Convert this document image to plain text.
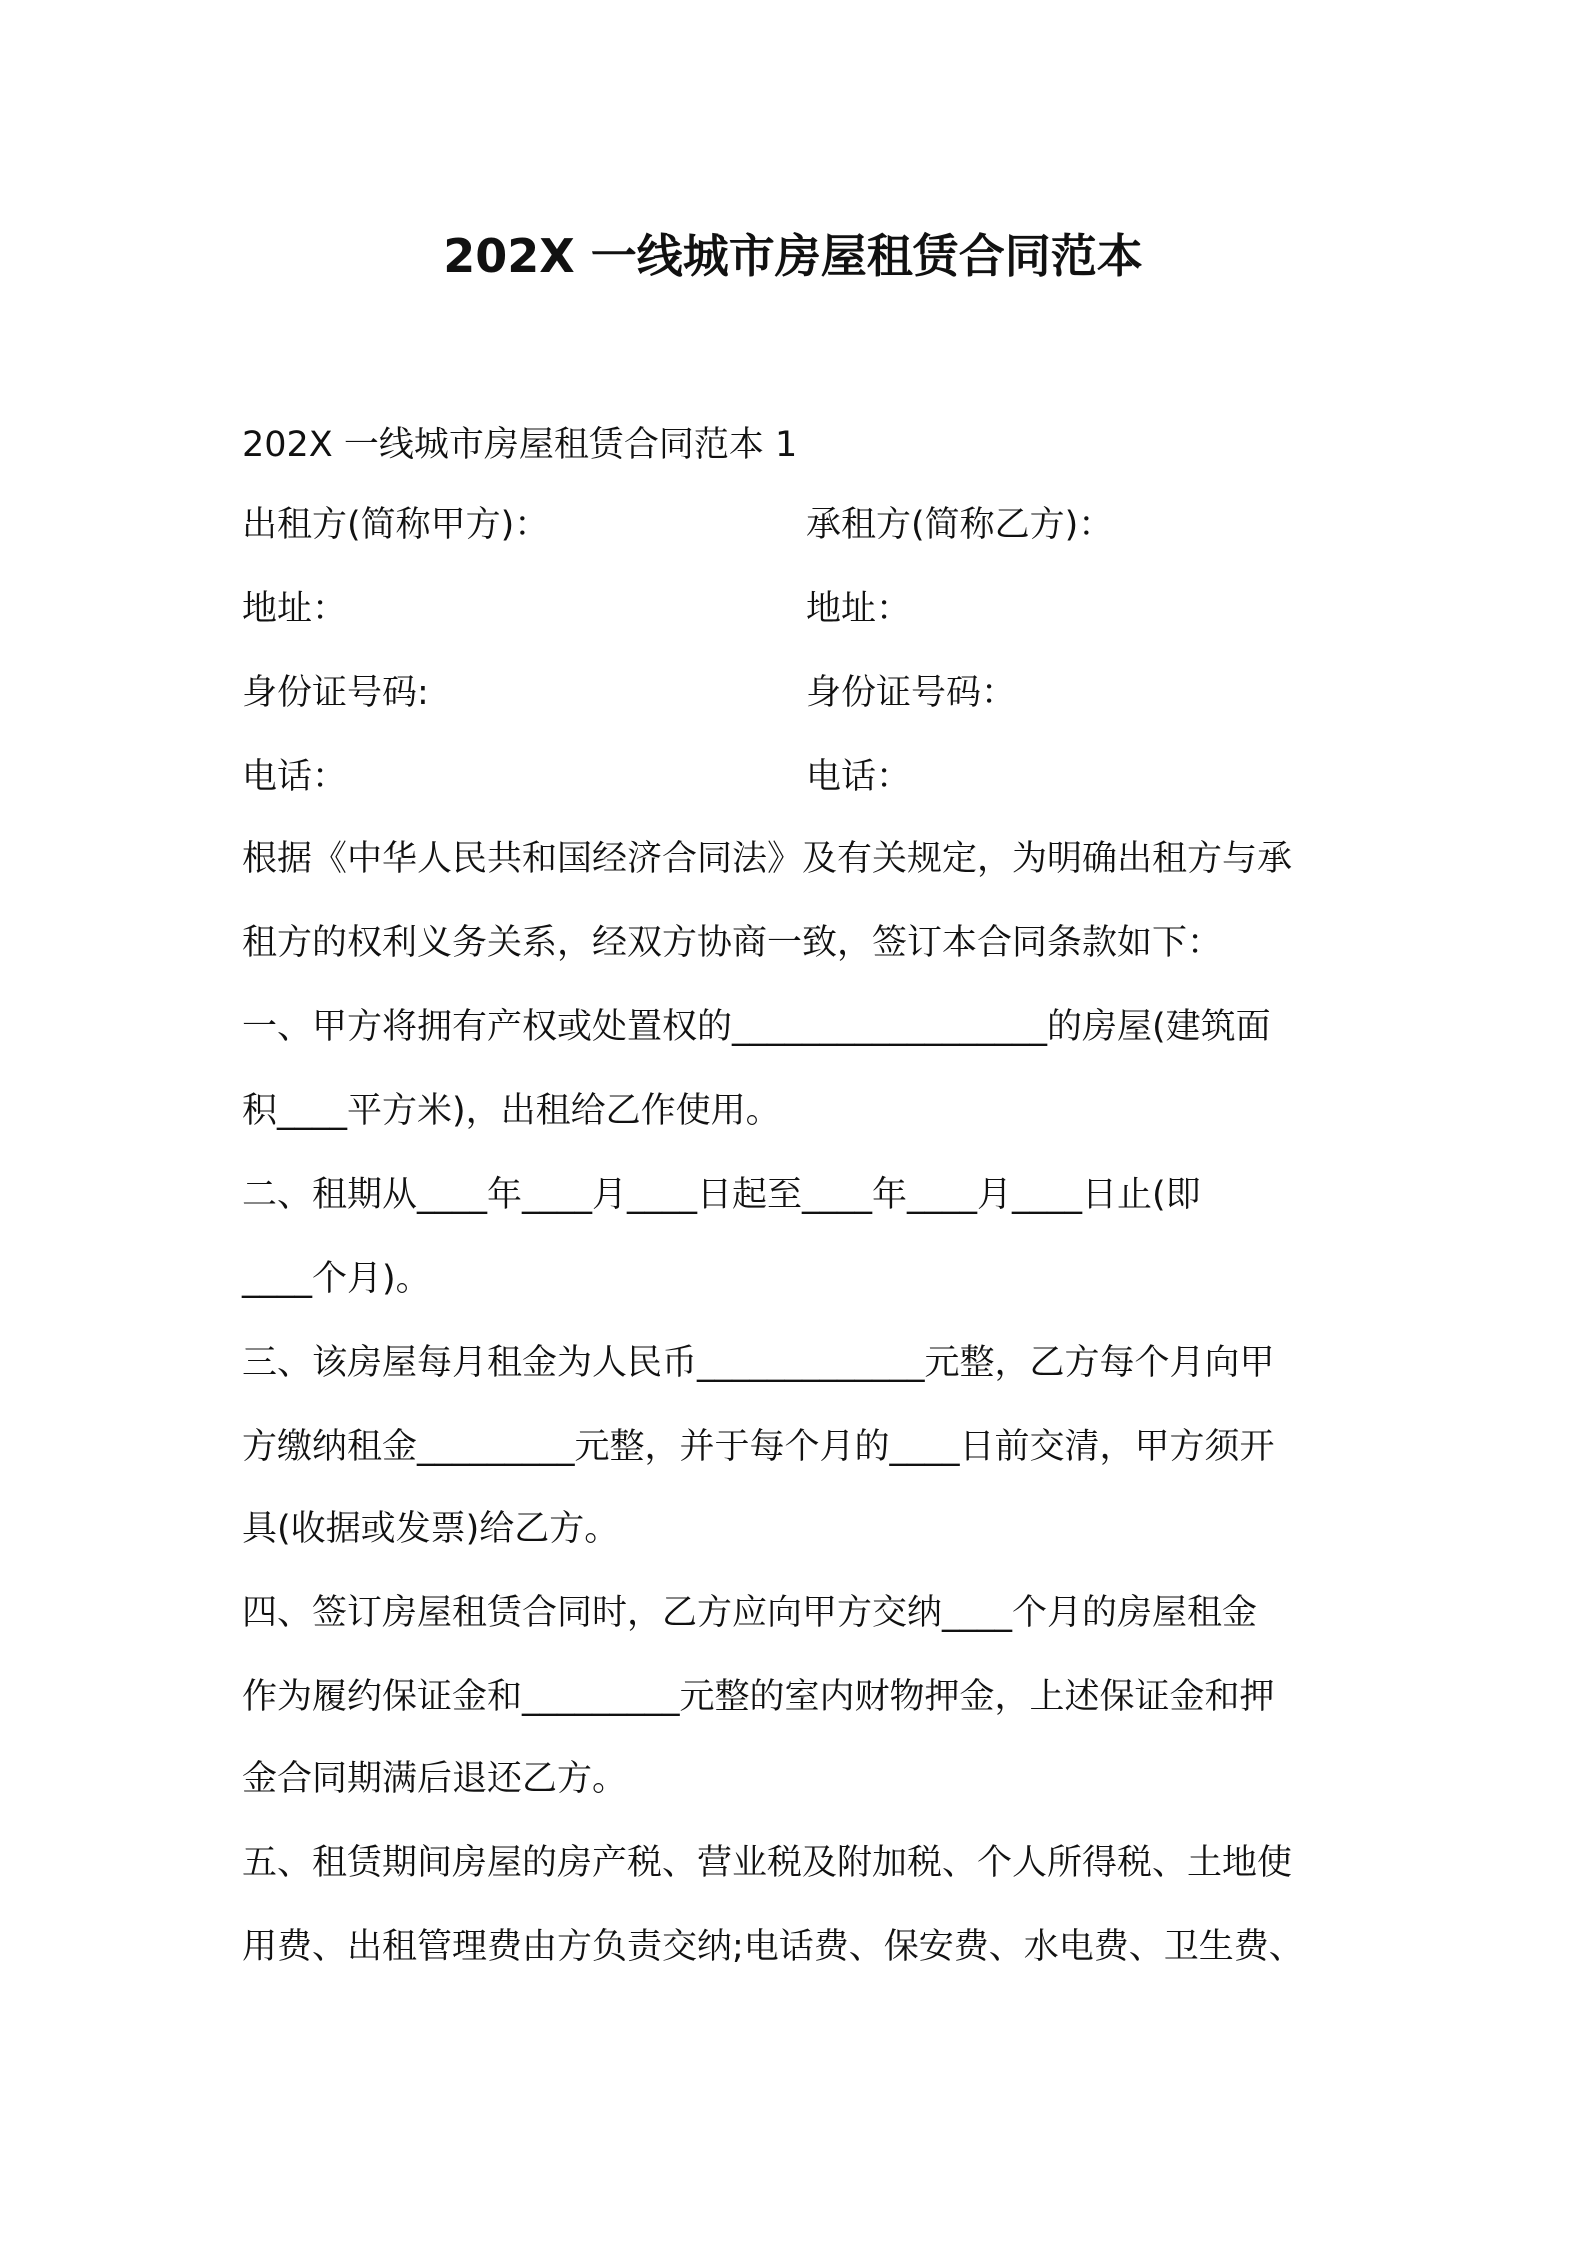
202X 一线城市房屋租赁合同范本
202X 一线城市房屋租赁合同范本 1
出租方(简称甲方)：	承租方(简称乙方)：
地址：	地址：
身份证号码:	身份证号码：
电话：	电话：
根据《中华人民共和国经济合同法》及有关规定，为明确出租方与承
租方的权利义务关系，经双方协商一致，签订本合同条款如下：
一、甲方将拥有产权或处置权的__________________的房屋(建筑面
积____平方米)，出租给乙作使用。
二、租期从____年____月____日起至____年____月____日止(即
____个月)。
三、该房屋每月租金为人民币_____________元整，乙方每个月向甲
方缴纳租金_________元整，并于每个月的____日前交清，甲方须开
具(收据或发票)给乙方。
四、签订房屋租赁合同时，乙方应向甲方交纳____个月的房屋租金
作为履约保证金和_________元整的室内财物押金，上述保证金和押
金合同期满后退还乙方。
五、租赁期间房屋的房产税、营业税及附加税、个人所得税、土地使
用费、出租管理费由方负责交纳;电话费、保安费、水电费、卫生费、
